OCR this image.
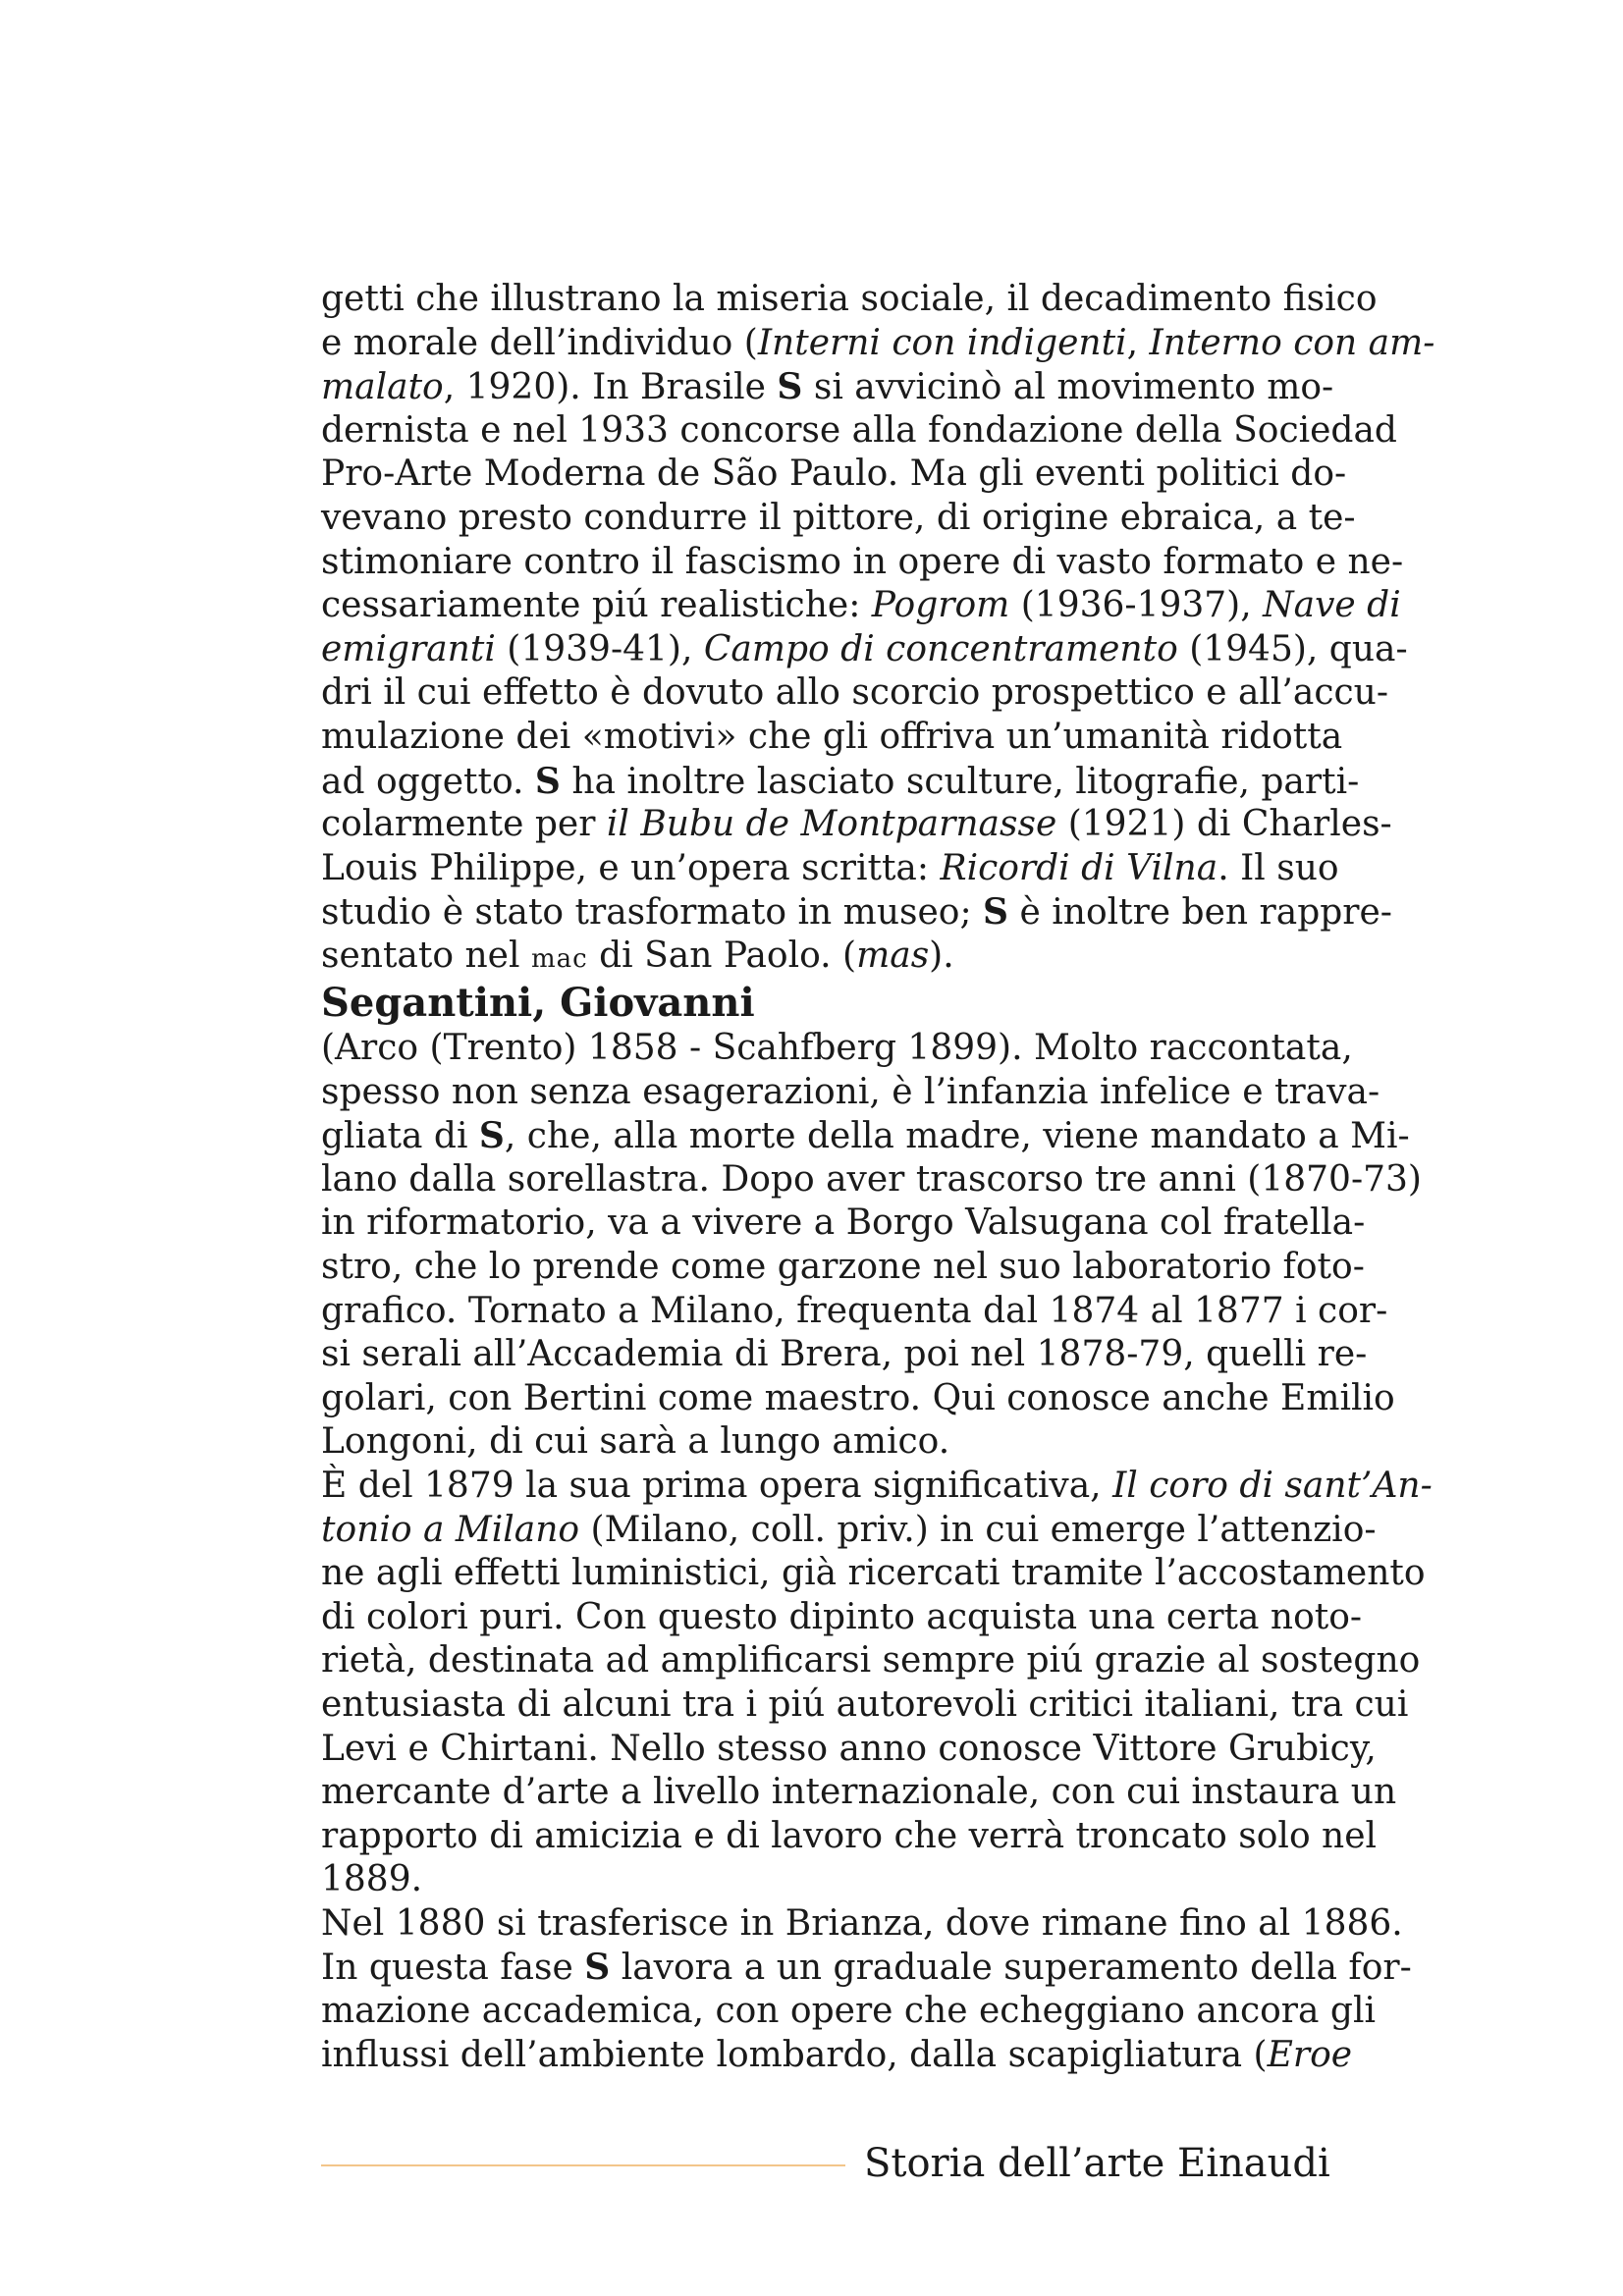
getti che illustrano la miseria sociale, il decadimento fisico
e morale dell’individuo (Interni con indigenti, Interno con am-
malato, 1920). In Brasile S si avvicinò al movimento mo-
dernista e nel 1933 concorse alla fondazione della Sociedad
Pro-Arte Moderna de São Paulo. Ma gli eventi politici do-
vevano presto condurre il pittore, di origine ebraica, a te-
stimoniare contro il fascismo in opere di vasto formato e ne-
cessariamente piú realistiche: Pogrom (1936-1937), Nave di
emigranti (1939-41), Campo di concentramento (1945), qua-
dri il cui effetto è dovuto allo scorcio prospettico e all’accu-
mulazione dei «motivi» che gli offriva un’umanità ridotta
ad oggetto. S ha inoltre lasciato sculture, litografie, parti-
colarmente per il Bubu de Montparnasse (1921) di Charles-
Louis Philippe, e un’opera scritta: Ricordi di Vilna. Il suo
studio è stato trasformato in museo; S è inoltre ben rappre-
sentato nel mac di San Paolo. (mas).
Segantini, Giovanni
(Arco (Trento) 1858 - Scahfberg 1899). Molto raccontata,
spesso non senza esagerazioni, è l’infanzia infelice e trava-
gliata di S, che, alla morte della madre, viene mandato a Mi-
lano dalla sorellastra. Dopo aver trascorso tre anni (1870-73)
in riformatorio, va a vivere a Borgo Valsugana col fratella-
stro, che lo prende come garzone nel suo laboratorio foto-
grafico. Tornato a Milano, frequenta dal 1874 al 1877 i cor-
si serali all’Accademia di Brera, poi nel 1878-79, quelli re-
golari, con Bertini come maestro. Qui conosce anche Emilio
Longoni, di cui sarà a lungo amico.
È del 1879 la sua prima opera significativa, Il coro di sant’An-
tonio a Milano (Milano, coll. priv.) in cui emerge l’attenzio-
ne agli effetti luministici, già ricercati tramite l’accostamento
di colori puri. Con questo dipinto acquista una certa noto-
rietà, destinata ad amplificarsi sempre piú grazie al sostegno
entusiasta di alcuni tra i piú autorevoli critici italiani, tra cui
Levi e Chirtani. Nello stesso anno conosce Vittore Grubicy,
mercante d’arte a livello internazionale, con cui instaura un
rapporto di amicizia e di lavoro che verrà troncato solo nel
1889.
Nel 1880 si trasferisce in Brianza, dove rimane fino al 1886.
In questa fase S lavora a un graduale superamento della for-
mazione accademica, con opere che echeggiano ancora gli
influssi dell’ambiente lombardo, dalla scapigliatura (Eroe
Storia dell’arte Einaudi
